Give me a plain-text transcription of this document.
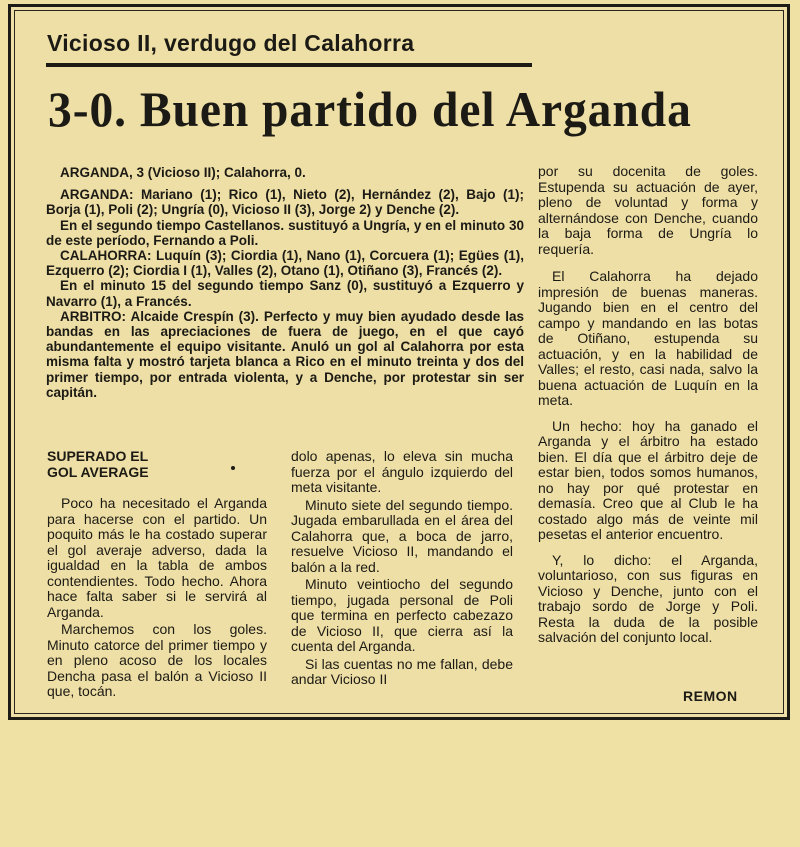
Vicioso II, verdugo del Calahorra
3-0. Buen partido del Arganda

ARGANDA, 3 (Vicioso II); Calahorra, 0.

ARGANDA: Mariano (1); Rico (1), Nieto (2), Hernández (2), Bajo (1); Borja (1), Poli (2); Ungría (0), Vicioso II (3), Jorge 2) y Denche (2).

En el segundo tiempo Castellanos. sustituyó a Ungría, y en el minuto 30 de este período, Fernando a Poli.

CALAHORRA: Luquín (3); Ciordia (1), Nano (1), Corcuera (1); Egües (1), Ezquerro (2); Ciordia I (1), Valles (2), Otano (1), Otiñano (3), Francés (2).

En el minuto 15 del segundo tiempo Sanz (0), sustituyó a Ezquerro y Navarro (1), a Francés.

ARBITRO: Alcaide Crespín (3). Perfecto y muy bien ayudado desde las bandas en las apreciaciones de fuera de juego, en el que cayó abundantemente el equipo visitante. Anuló un gol al Calahorra por esta misma falta y mostró tarjeta blanca a Rico en el minuto treinta y dos del primer tiempo, por entrada violenta, y a Denche, por protestar sin ser capitán.

SUPERADO EL
GOL AVERAGE

Poco ha necesitado el Arganda para hacerse con el partido. Un poquito más le ha costado superar el gol averaje adverso, dada la igualdad en la tabla de ambos contendientes. Todo hecho. Ahora hace falta saber si le servirá al Arganda.

Marchemos con los goles. Minuto catorce del primer tiempo y en pleno acoso de los locales Dencha pasa el balón a Vicioso II que, tocán.

dolo apenas, lo eleva sin mucha fuerza por el ángulo izquierdo del meta visitante.

Minuto siete del segundo tiempo. Jugada embarullada en el área del Calahorra que, a boca de jarro, resuelve Vicioso II, mandando el balón a la red.

Minuto veintiocho del segundo tiempo, jugada personal de Poli que termina en perfecto cabezazo de Vicioso II, que cierra así la cuenta del Arganda.

Si las cuentas no me fallan, debe andar Vicioso II

por su docenita de goles. Estupenda su actuación de ayer, pleno de voluntad y forma y alternándose con Denche, cuando la baja forma de Ungría lo requería.

El Calahorra ha dejado impresión de buenas maneras. Jugando bien en el centro del campo y mandando en las botas de Otiñano, estupenda su actuación, y en la habilidad de Valles; el resto, casi nada, salvo la buena actuación de Luquín en la meta.

Un hecho: hoy ha ganado el Arganda y el árbitro ha estado bien. El día que el árbitro deje de estar bien, todos somos humanos, no hay por qué protestar en demasía. Creo que al Club le ha costado algo más de veinte mil pesetas el anterior encuentro.

Y, lo dicho: el Arganda, voluntarioso, con sus figuras en Vicioso y Denche, junto con el trabajo sordo de Jorge y Poli. Resta la duda de la posible salvación del conjunto local.

REMON
